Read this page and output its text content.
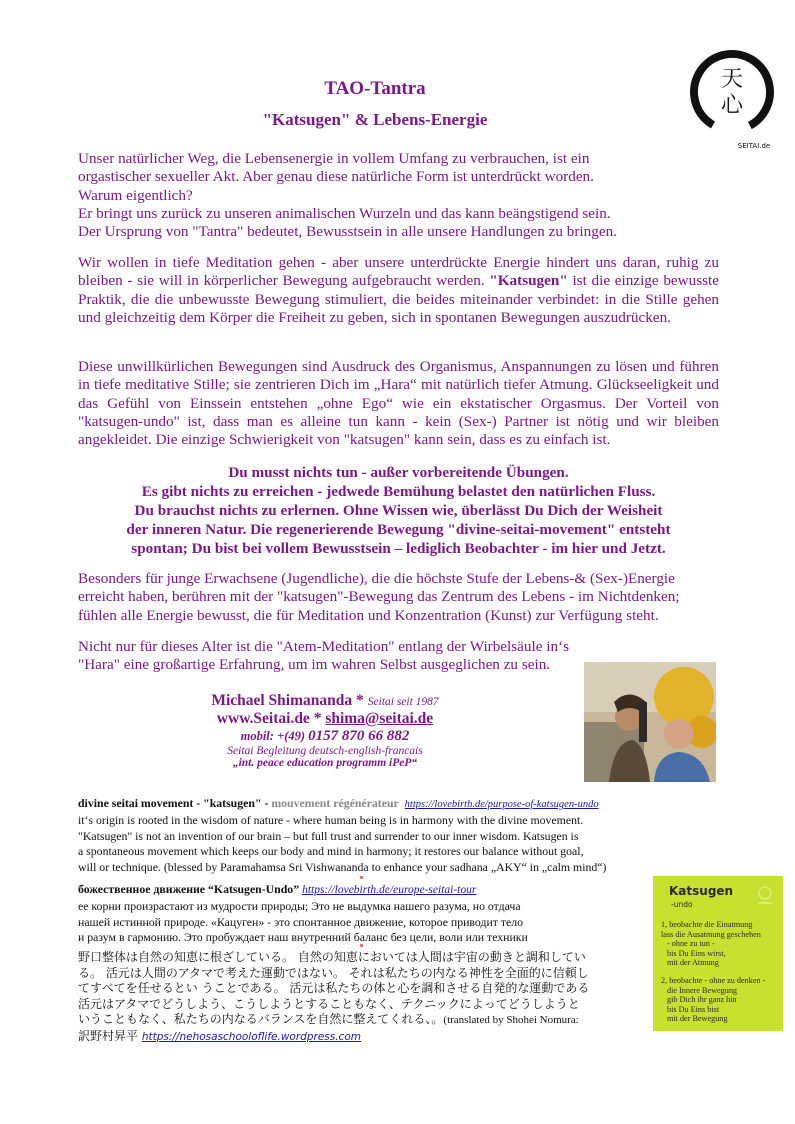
TAO-Tantra
"Katsugen" & Lebens-Energie
天
心
SEITAI.de
Unser natürlicher Weg, die Lebensenergie in vollem Umfang zu verbrauchen, ist ein
orgastischer sexueller Akt. Aber genau diese natürliche Form ist unterdrückt worden.
Warum eigentlich?
Er bringt uns zurück zu unseren animalischen Wurzeln und das kann beängstigend sein.
Der Ursprung von "Tantra" bedeutet, Bewusstsein in alle unsere Handlungen zu bringen.
Wir wollen in tiefe Meditation gehen - aber unsere unterdrückte Energie hindert uns daran, ruhig zu bleiben - sie will in körperlicher Bewegung aufgebraucht werden. "Katsugen" ist die einzige bewusste Praktik, die die unbewusste Bewegung stimuliert, die beides miteinander verbindet: in die Stille gehen und gleichzeitig dem Körper die Freiheit zu geben, sich in spontanen Bewegungen auszudrücken.
Diese unwillkürlichen Bewegungen sind Ausdruck des Organismus, Anspannungen zu lösen und führen in tiefe meditative Stille; sie zentrieren Dich im „Hara“ mit natürlich tiefer Atmung. Glückseeligkeit und das Gefühl von Einssein entstehen „ohne Ego“ wie ein ekstatischer Orgasmus. Der Vorteil von "katsugen-undo" ist, dass man es alleine tun kann - kein (Sex-) Partner ist nötig und wir bleiben angekleidet. Die einzige Schwierigkeit von "katsugen" kann sein, dass es zu einfach ist.
Du musst nichts tun - außer vorbereitende Übungen.
Es gibt nichts zu erreichen - jedwede Bemühung belastet den natürlichen Fluss.
Du brauchst nichts zu erlernen. Ohne Wissen wie, überlässt Du Dich der Weisheit
der inneren Natur. Die regenerierende Bewegung "divine-seitai-movement" entsteht
spontan; Du bist bei vollem Bewusstsein – lediglich Beobachter - im hier und Jetzt.
Besonders für junge Erwachsene (Jugendliche), die die höchste Stufe der Lebens-& (Sex-)Energie
erreicht haben, berühren mit der "katsugen"-Bewegung das Zentrum des Lebens - im Nichtdenken;
fühlen alle Energie bewusst, die für Meditation und Konzentration (Kunst) zur Verfügung steht.
Nicht nur für dieses Alter ist die "Atem-Meditation" entlang der Wirbelsäule in‘s
"Hara" eine großartige Erfahrung, um im wahren Selbst ausgeglichen zu sein.
Michael Shimananda * Seitai seit 1987
www.Seitai.de * shima@seitai.de
mobil: +(49) 0157 870 66 882
Seitai Begleitung deutsch-english-francais
„int. peace education programm iPeP“
divine seitai movement - "katsugen" - mouvement régénérateur https://lovebirth.de/purpose-of-katsugen-undo
it‘s origin is rooted in the wisdom of nature - where human being is in harmony with the divine movement.
"Katsugen" is not an invention of our brain – but full trust and surrender to our inner wisdom. Katsugen is
a spontaneous movement which keeps our body and mind in harmony; it restores our balance without goal,
will or technique. (blessed by Paramahamsa Sri Vishwananda to enhance your sadhana „AKY“ in „calm mind“)
божественное движение “Katsugen-Undo” https://lovebirth.de/europe-seitai-tour
ее корни произрастают из мудрости природы; Это не выдумка нашего разума, но отдача
нашей истинной природе. «Кацуген» - это спонтанное движение, которое приводит тело
и разум в гармонию. Это пробуждает наш внутренний баланс без цели, воли или техники
野口整体は自然の知恵に根ざしている。 自然の知恵においては人間は宇宙の動きと調和してい
る。 活元は人間のアタマで考えた運動ではない。 それは私たちの内なる神性を全面的に信頼し
てすべてを任せるとい うことである。 活元は私たちの体と心を調和させる自発的な運動である
活元はアタマでどうしよう、こうしようとすることもなく、テクニックによってどうしようと
いうこともなく、私たちの内なるバランスを自然に整えてくれる、。(translated by Shohei Nomura:
訳野村昇平 https://nehosaschooloflife.wordpress.com
Katsugen
-undo
1, beobachte die Einatmung
lass die Ausatmung geschehen
- ohne zu tun -
bis Du Eins wirst,
mit der Atmung
2, beobachte - ohne zu denken -
die Innere Bewegung
gib Dich ihr ganz hin
bis Du Eins bist
mit der Bewegung
